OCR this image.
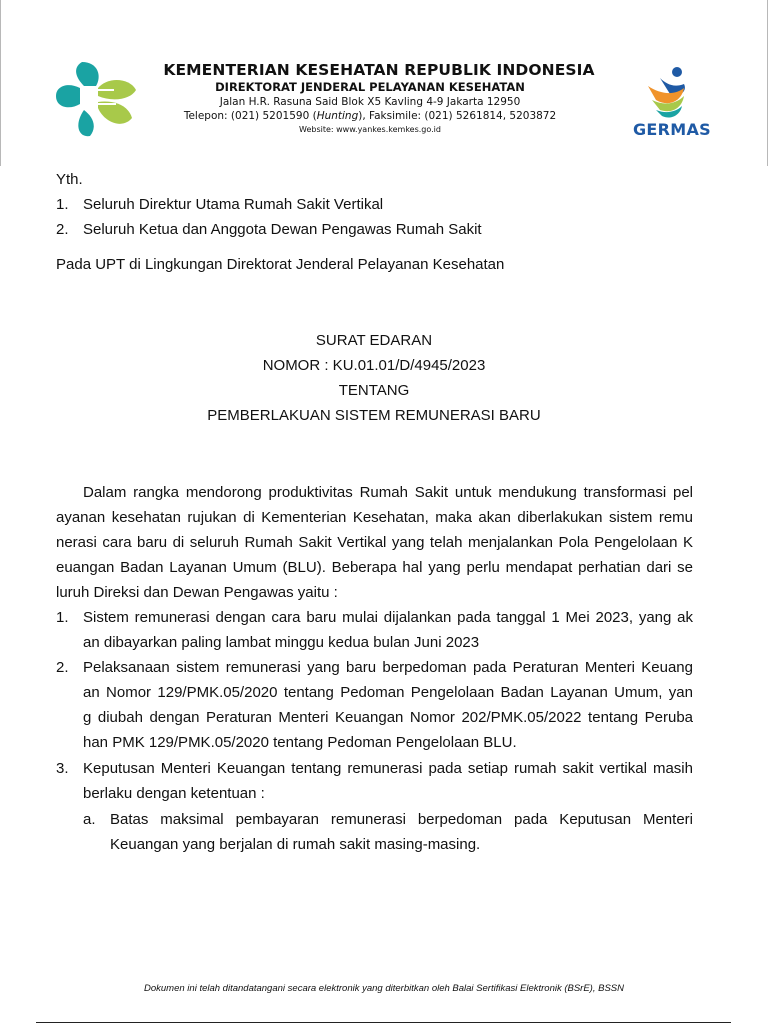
KEMENTERIAN KESEHATAN REPUBLIK INDONESIA
DIREKTORAT JENDERAL PELAYANAN KESEHATAN
Jalan H.R. Rasuna Said Blok X5 Kavling 4-9 Jakarta 12950
Telepon: (021) 5201590 (Hunting), Faksimile: (021) 5261814, 5203872
Website: www.yankes.kemkes.go.id	GERMAS
Yth.
1. Seluruh Direktur Utama Rumah Sakit Vertikal
2. Seluruh Ketua dan Anggota Dewan Pengawas Rumah Sakit
Pada UPT di Lingkungan Direktorat Jenderal Pelayanan Kesehatan
SURAT EDARAN
NOMOR : KU.01.01/D/4945/2023
TENTANG
PEMBERLAKUAN SISTEM REMUNERASI BARU
Dalam rangka mendorong produktivitas Rumah Sakit untuk mendukung transformasi pel
ayanan kesehatan rujukan di Kementerian Kesehatan, maka akan diberlakukan sistem remu
nerasi cara baru di seluruh Rumah Sakit Vertikal yang telah menjalankan Pola Pengelolaan K
euangan Badan Layanan Umum (BLU). Beberapa hal yang perlu mendapat perhatian dari se
luruh Direksi dan Dewan Pengawas yaitu :
1. Sistem remunerasi dengan cara baru mulai dijalankan pada tanggal 1 Mei 2023, yang ak
an dibayarkan paling lambat minggu kedua bulan Juni 2023
2. Pelaksanaan sistem remunerasi yang baru berpedoman pada Peraturan Menteri Keuang
an Nomor 129/PMK.05/2020 tentang Pedoman Pengelolaan Badan Layanan Umum, yan
g diubah dengan Peraturan Menteri Keuangan Nomor 202/PMK.05/2022 tentang Peruba
han PMK 129/PMK.05/2020 tentang Pedoman Pengelolaan BLU.
3. Keputusan Menteri Keuangan tentang remunerasi pada setiap rumah sakit vertikal masih
berlaku dengan ketentuan :
a. Batas maksimal pembayaran remunerasi berpedoman pada Keputusan Menteri
Keuangan yang berjalan di rumah sakit masing-masing.
Dokumen ini telah ditandatangani secara elektronik yang diterbitkan oleh Balai Sertifikasi Elektronik (BSrE), BSSN
